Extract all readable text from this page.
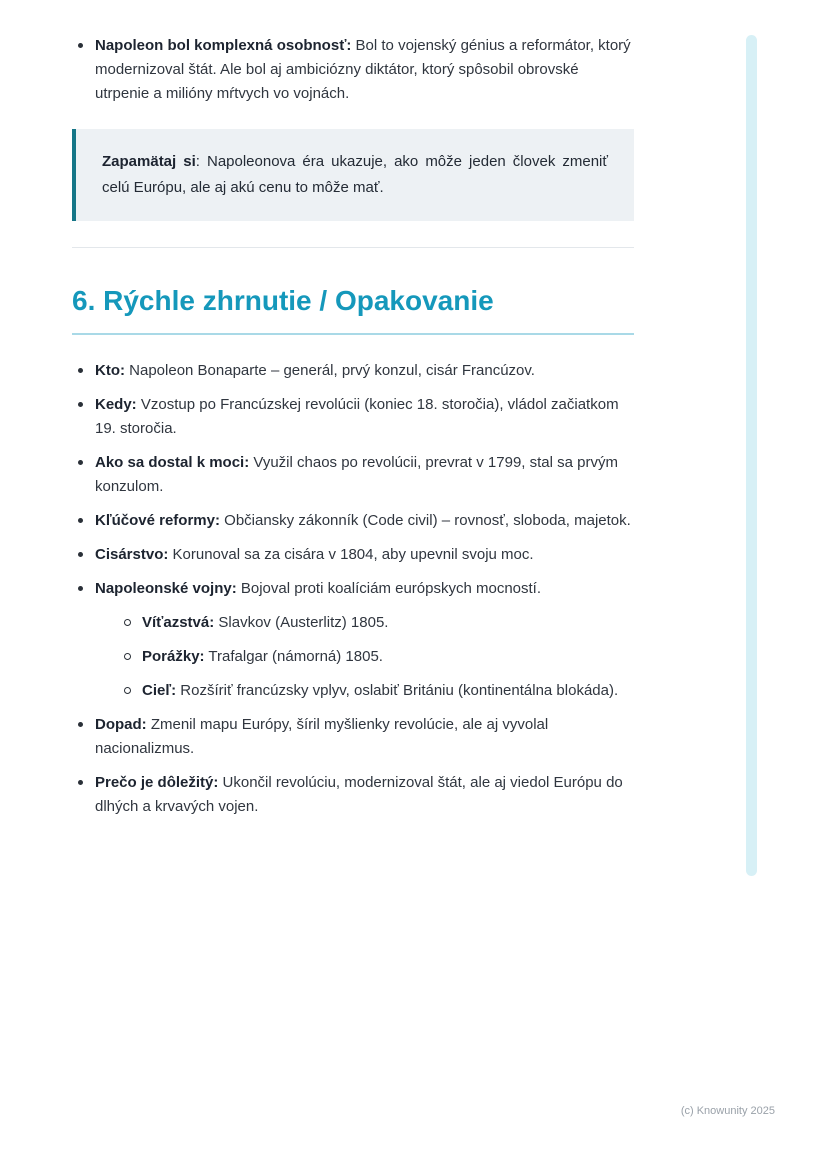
Napoleon bol komplexná osobnosť: Bol to vojenský génius a reformátor, ktorý modernizoval štát. Ale bol aj ambiciózny diktátor, ktorý spôsobil obrovské utrpenie a milióny mŕtvych vo vojnách.

Zapamätaj si: Napoleonova éra ukazuje, ako môže jeden človek zmeniť celú Európu, ale aj akú cenu to môže mať.

6. Rýchle zhrnutie / Opakovanie
Kto: Napoleon Bonaparte – generál, prvý konzul, cisár Francúzov.
Kedy: Vzostup po Francúzskej revolúcii (koniec 18. storočia), vládol začiatkom 19. storočia.
Ako sa dostal k moci: Využil chaos po revolúcii, prevrat v 1799, stal sa prvým konzulom.
Kľúčové reformy: Občiansky zákonník (Code civil) – rovnosť, sloboda, majetok.
Cisárstvo: Korunoval sa za cisára v 1804, aby upevnil svoju moc.
Napoleonské vojny: Bojoval proti koalíciám európskych mocností.
Víťazstvá: Slavkov (Austerlitz) 1805.
Porážky: Trafalgar (námorná) 1805.
Cieľ: Rozšíriť francúzsky vplyv, oslabiť Britániu (kontinentálna blokáda).
Dopad: Zmenil mapu Európy, šíril myšlienky revolúcie, ale aj vyvolal nacionalizmus.
Prečo je dôležitý: Ukončil revolúciu, modernizoval štát, ale aj viedol Európu do dlhých a krvavých vojen.
(c) Knowunity 2025
